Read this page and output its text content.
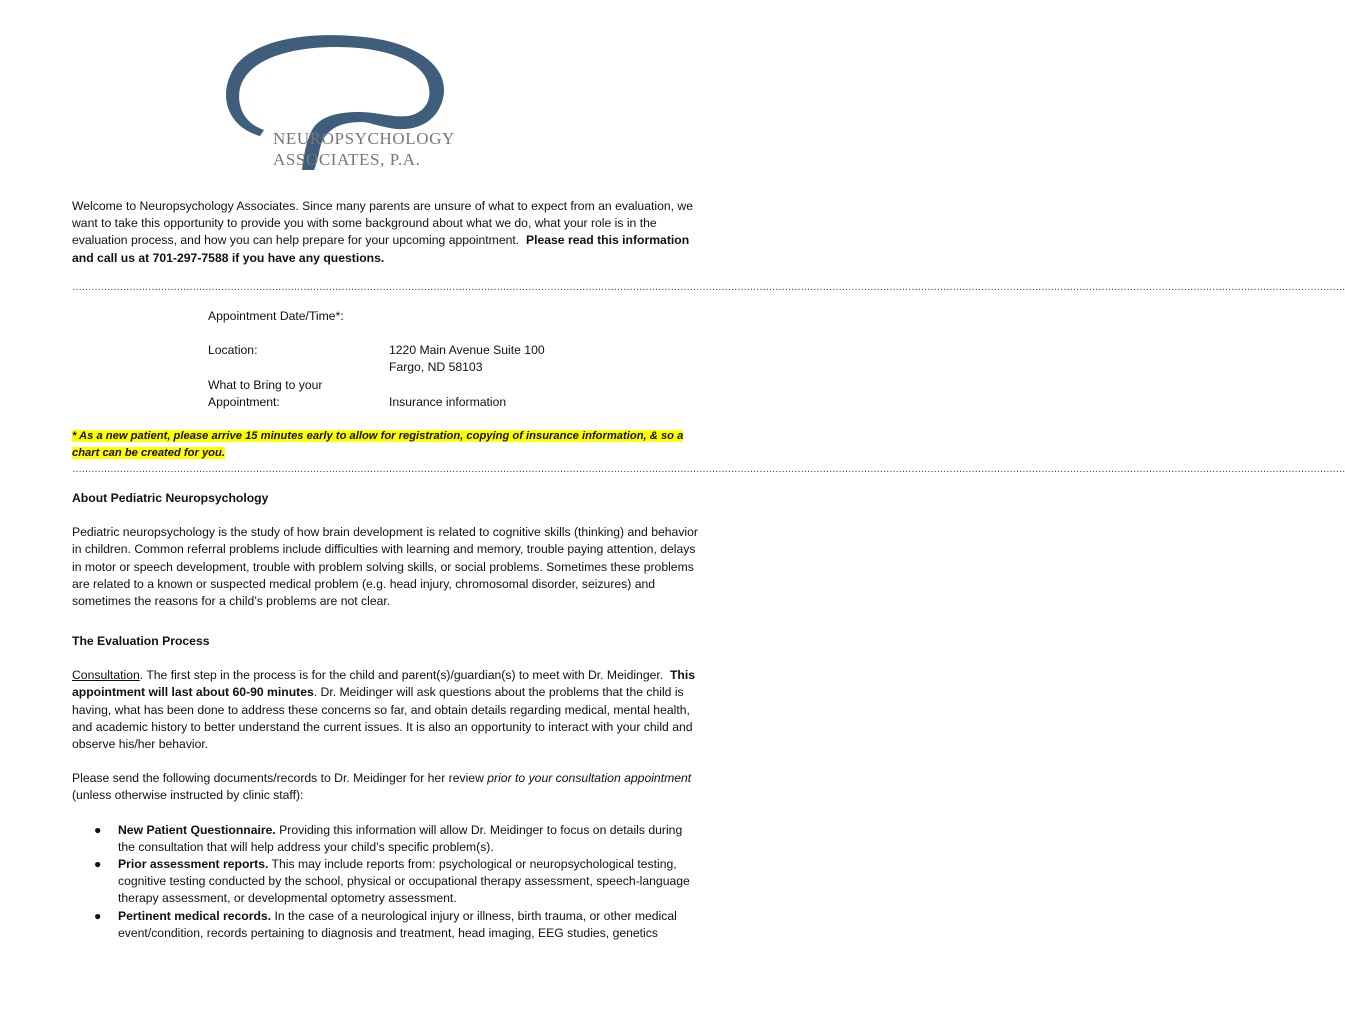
NEUROPSYCHOLOGY
ASSOCIATES, P.A.

Welcome to Neuropsychology Associates. Since many parents are unsure of what to expect from an evaluation, we want to take this opportunity to provide you with some background about what we do, what your role is in the evaluation process, and how you can help prepare for your upcoming appointment. Please read this information and call us at 701-297-7588 if you have any questions.

……………………………………………………………………………………………………………………………………………………………………………………………………………………………………………………………………………………………………………………………………………………………………
Appointment Date/Time*:
Location:	1220 Main Avenue Suite 100
Fargo, ND 58103
What to Bring to your
Appointment:	Insurance information
* As a new patient, please arrive 15 minutes early to allow for registration, copying of insurance information, & so a
chart can be created for you.
……………………………………………………………………………………………………………………………………………………………………………………………………………………………………………………………………………………………………………………………………………………………………
About Pediatric Neuropsychology

Pediatric neuropsychology is the study of how brain development is related to cognitive skills (thinking) and behavior in children. Common referral problems include difficulties with learning and memory, trouble paying attention, delays in motor or speech development, trouble with problem solving skills, or social problems. Sometimes these problems are related to a known or suspected medical problem (e.g. head injury, chromosomal disorder, seizures) and sometimes the reasons for a child’s problems are not clear.

The Evaluation Process

Consultation. The first step in the process is for the child and parent(s)/guardian(s) to meet with Dr. Meidinger. This appointment will last about 60-90 minutes. Dr. Meidinger will ask questions about the problems that the child is having, what has been done to address these concerns so far, and obtain details regarding medical, mental health, and academic history to better understand the current issues. It is also an opportunity to interact with your child and observe his/her behavior.

Please send the following documents/records to Dr. Meidinger for her review prior to your consultation appointment (unless otherwise instructed by clinic staff):

● New Patient Questionnaire. Providing this information will allow Dr. Meidinger to focus on details during the consultation that will help address your child’s specific problem(s).
● Prior assessment reports. This may include reports from: psychological or neuropsychological testing, cognitive testing conducted by the school, physical or occupational therapy assessment, speech-language therapy assessment, or developmental optometry assessment.
● Pertinent medical records. In the case of a neurological injury or illness, birth trauma, or other medical event/condition, records pertaining to diagnosis and treatment, head imaging, EEG studies, genetics
